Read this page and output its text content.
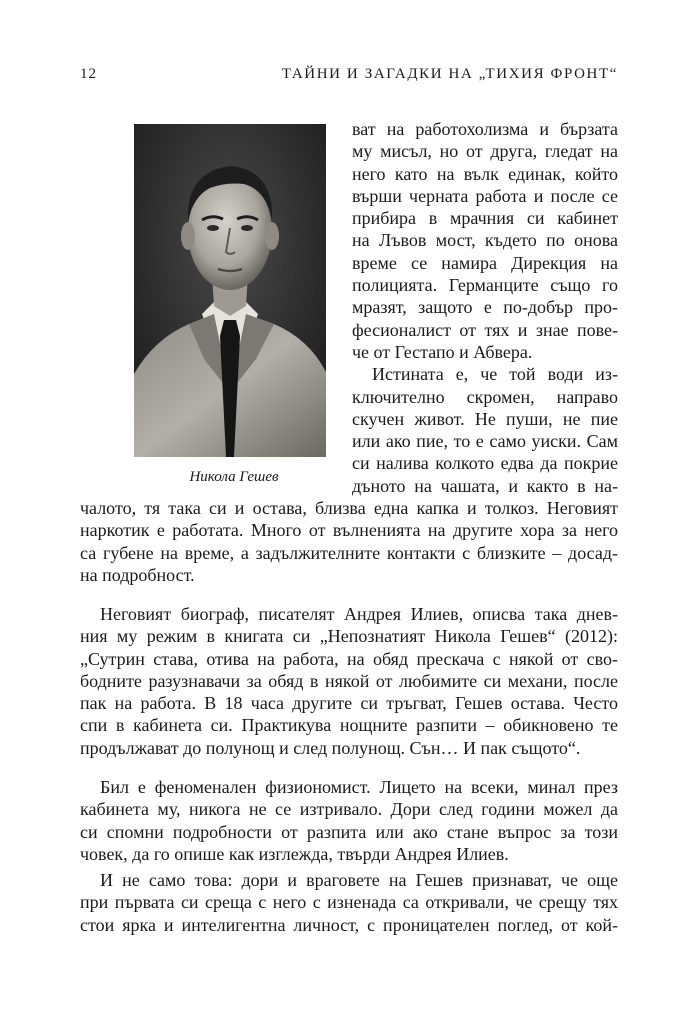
12	ТАЙНИ И ЗАГАДКИ НА „ТИХИЯ ФРОНТ“
Никола Гешев
ват на работохолизма и бързата
му мисъл, но от друга, гледат на
него като на вълк единак, който
върши черната работа и после се
прибира в мрачния си кабинет
на Лъвов мост, където по онова
време се намира Дирекция на
полицията. Германците също го
мразят, защото е по-добър про-
фесионалист от тях и знае пове-
че от Гестапо и Абвера.
Истината е, че той води из-
ключително скромен, направо
скучен живот. Не пуши, не пие
или ако пие, то е само уиски. Сам
си налива колкото едва да покрие
дъното на чашата, и както в на-
чалото, тя така си и остава, близва една капка и толкоз. Неговият
наркотик е работата. Много от вълненията на другите хора за него
са губене на време, а задължителните контакти с близките – досад-
на подробност.
Неговият биограф, писателят Андрея Илиев, описва така днев-
ния му режим в книгата си „Непознатият Никола Гешев“ (2012):
„Сутрин става, отива на работа, на обяд прескача с някой от сво-
бодните разузнавачи за обяд в някой от любимите си механи, после
пак на работа. В 18 часа другите си тръгват, Гешев остава. Често
спи в кабинета си. Практикува нощните разпити – обикновено те
продължават до полунощ и след полунощ. Сън… И пак същото“.
Бил е феноменален физиономист. Лицето на всеки, минал през
кабинета му, никога не се изтривало. Дори след години можел да
си спомни подробности от разпита или ако стане въпрос за този
човек, да го опише как изглежда, твърди Андрея Илиев.
И не само това: дори и враговете на Гешев признават, че още
при първата си среща с него с изненада са откривали, че срещу тях
стои ярка и интелигентна личност, с проницателен поглед, от кой-
